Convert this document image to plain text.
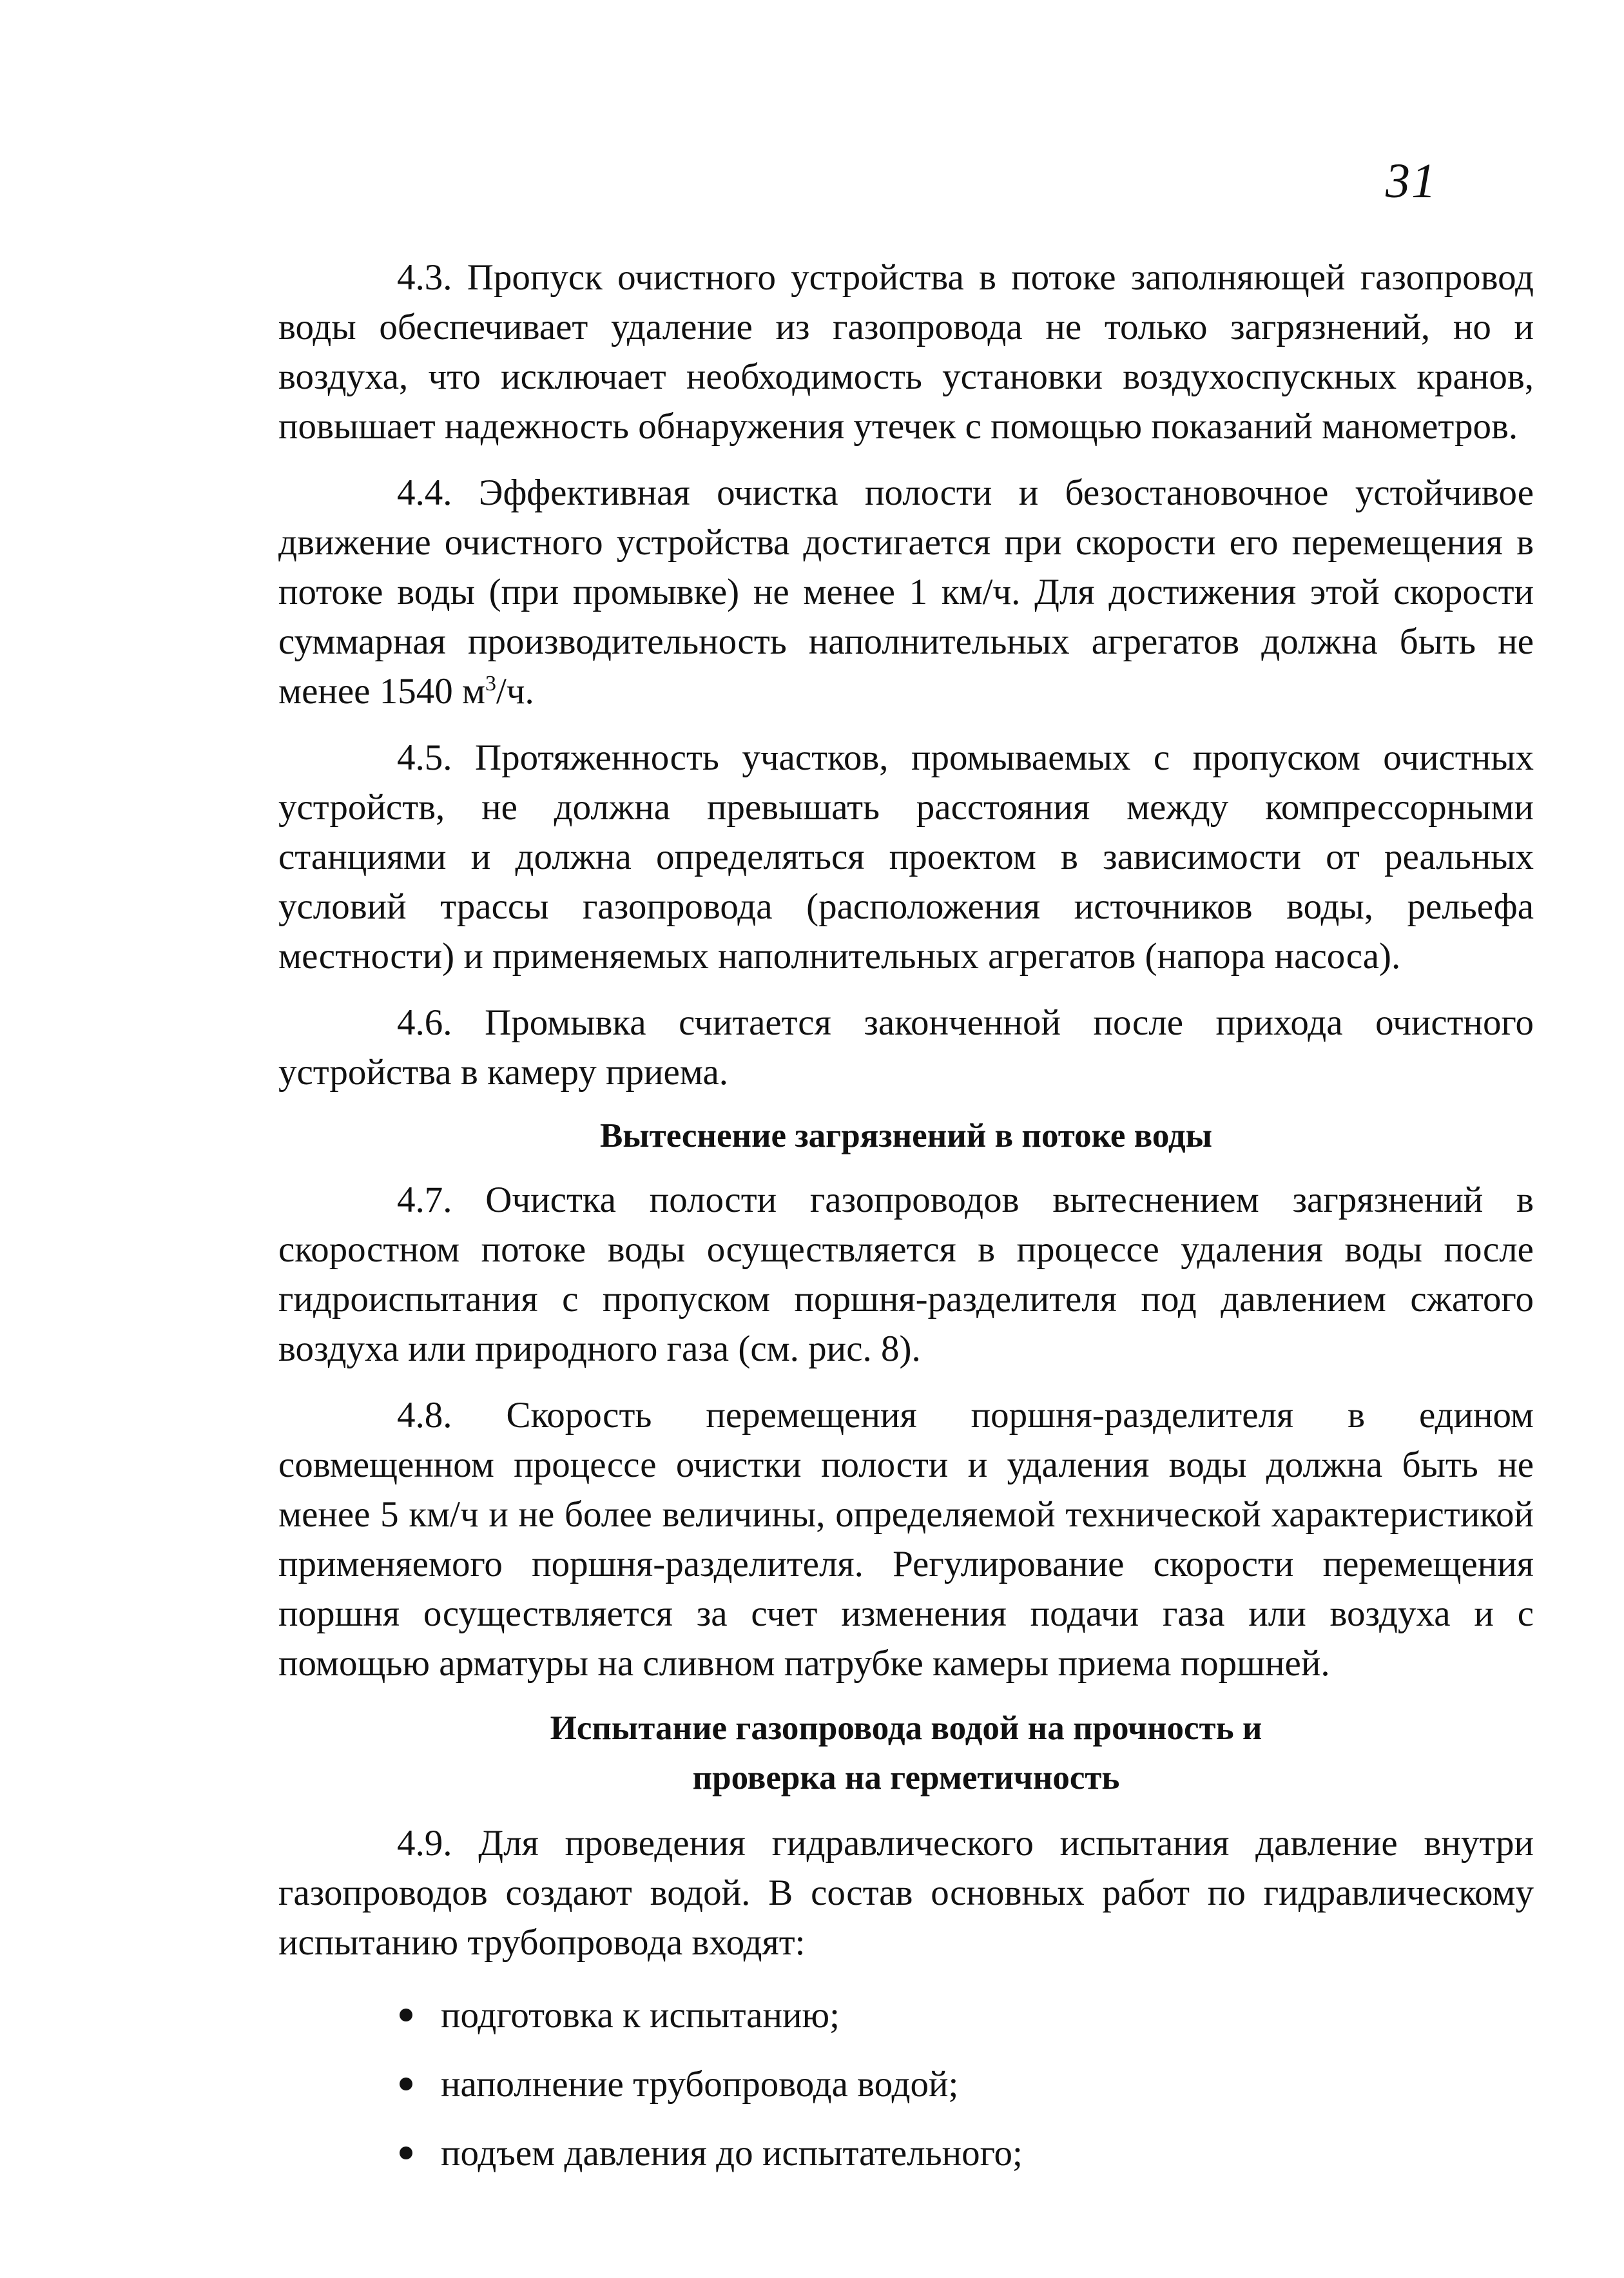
31

4.3. Пропуск очистного устройства в потоке заполняющей газопровод воды обеспечивает удаление из газопровода не только загрязнений, но и воздуха, что исключает необходимость установки воздухоспускных кранов, повышает надежность обнаружения утечек с помощью показаний манометров.

4.4. Эффективная очистка полости и безостановочное устойчивое движение очистного устройства достигается при скорости его перемещения в потоке воды (при промывке) не менее 1 км/ч. Для достижения этой скорости суммарная производительность наполнительных агрегатов должна быть не менее 1540 $м^3/ч$.

4.5. Протяженность участков, промываемых с пропуском очистных устройств, не должна превышать расстояния между компрессорными станциями и должна определяться проектом в зависимости от реальных условий трассы газопровода (расположения источников воды, рельефа местности) и применяемых наполнительных агрегатов (напора насоса).

4.6. Промывка считается законченной после прихода очистного устройства в камеру приема.

Вытеснение загрязнений в потоке воды

4.7. Очистка полости газопроводов вытеснением загрязнений в скоростном потоке воды осуществляется в процессе удаления воды после гидроиспытания с пропуском поршня-разделителя под давлением сжатого воздуха или природного газа (см. рис. 8).

4.8. Скорость перемещения поршня-разделителя в едином совмещенном процессе очистки полости и удаления воды должна быть не менее 5 км/ч и не более величины, определяемой технической характеристикой применяемого поршня-разделителя. Регулирование скорости перемещения поршня осуществляется за счет изменения подачи газа или воздуха и с помощью арматуры на сливном патрубке камеры приема поршней.

Испытание газопровода водой на прочность и
проверка на герметичность

4.9. Для проведения гидравлического испытания давление внутри газопроводов создают водой. В состав основных работ по гидравлическому испытанию трубопровода входят:

подготовка к испытанию;
наполнение трубопровода водой;
подъем давления до испытательного;
